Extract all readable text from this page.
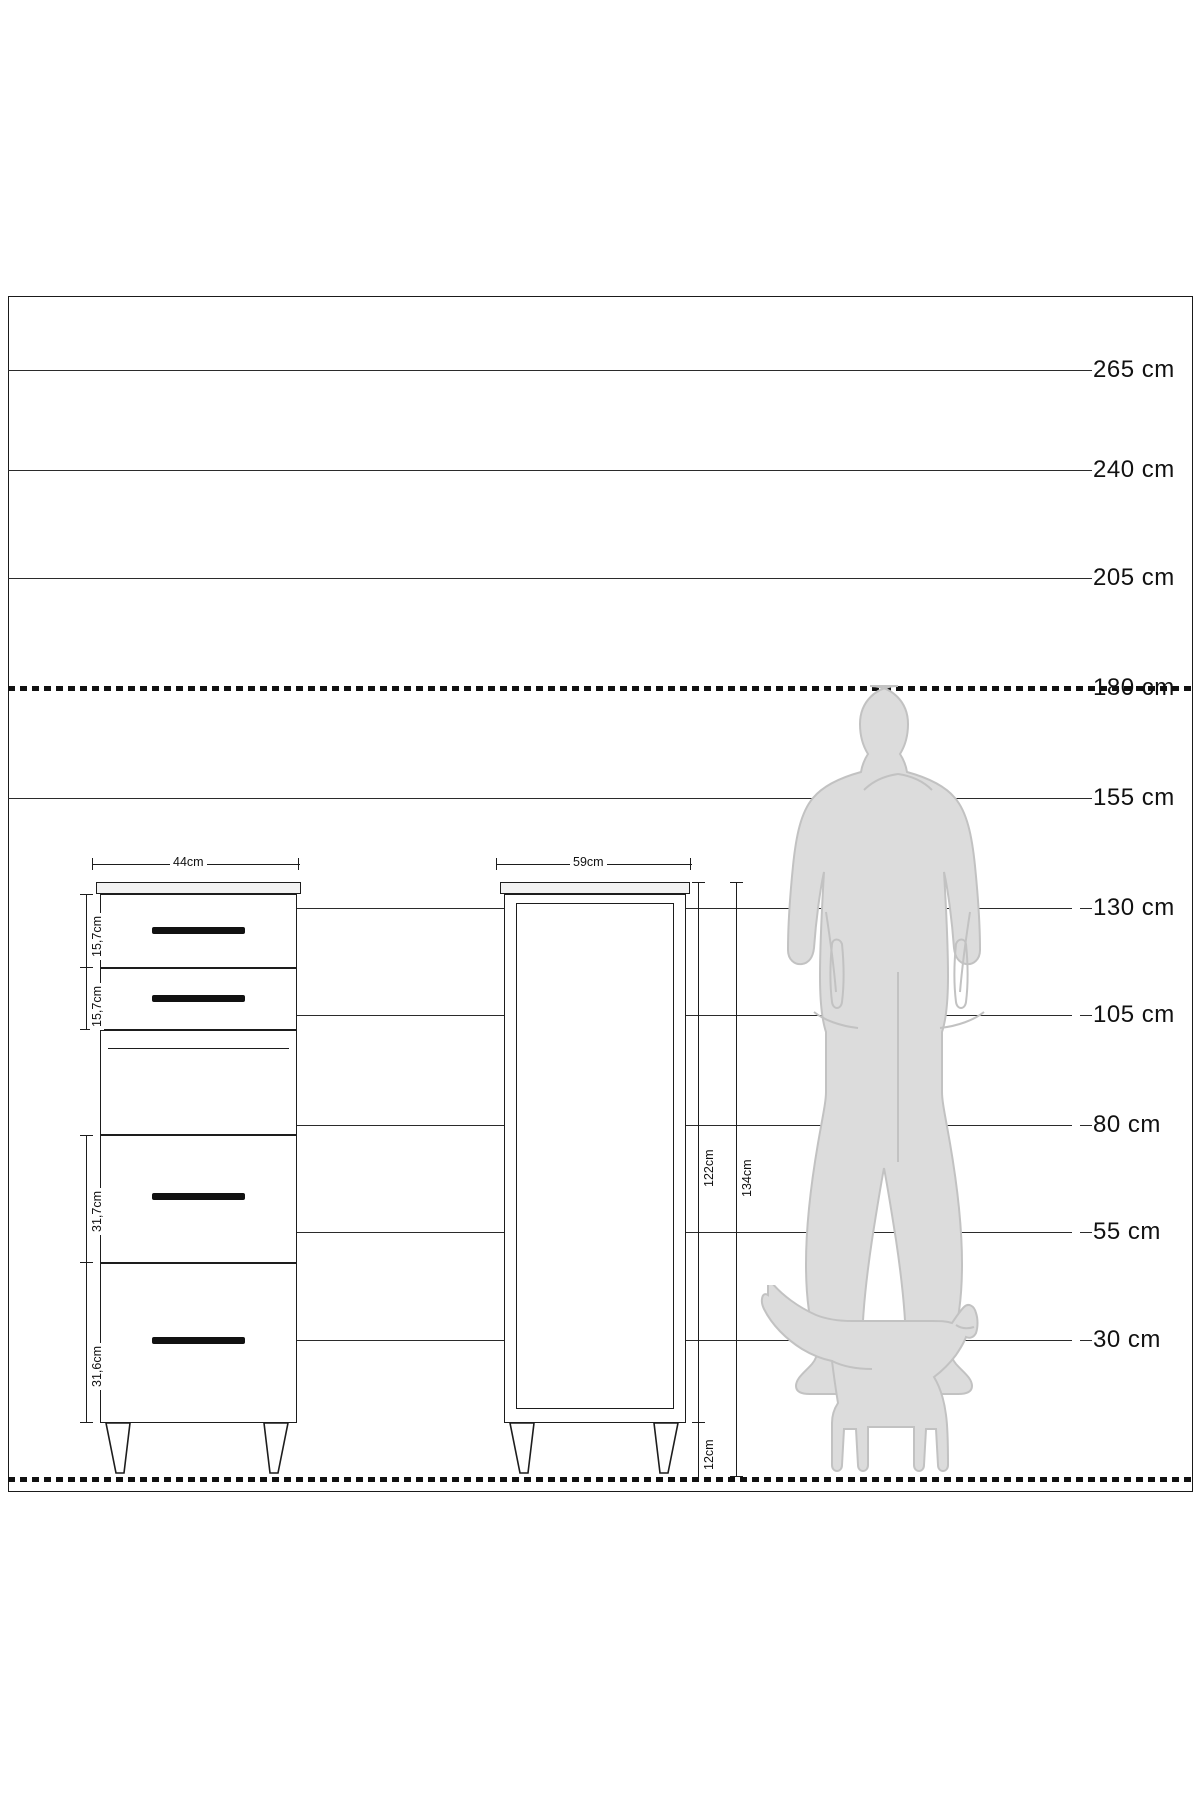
265 cm
240 cm
205 cm
180 cm
155 cm
130 cm
105 cm
80 cm
55 cm
30 cm
44cm
15,7cm
15,7cm
31,7cm
31,6cm
59cm
122cm 134cm
12cm
